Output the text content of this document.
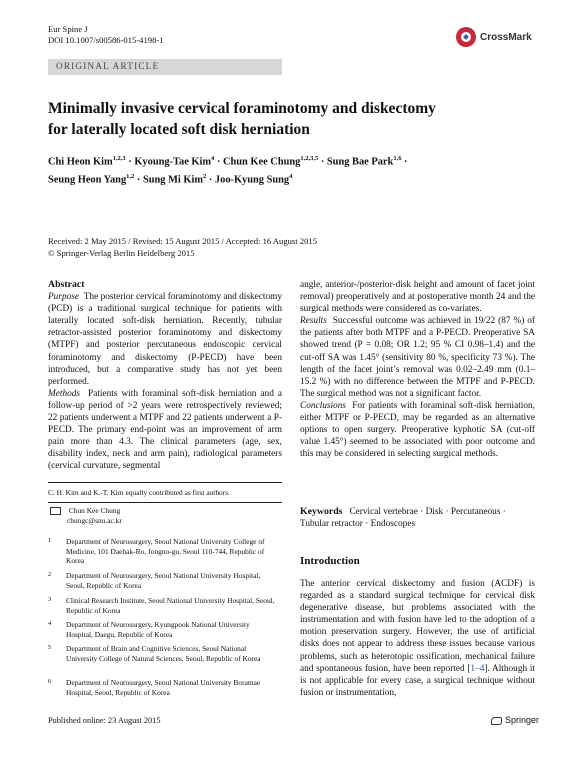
Eur Spine J
DOI 10.1007/s00586-015-4198-1	CrossMark
ORIGINAL ARTICLE
Minimally invasive cervical foraminotomy and diskectomy
for laterally located soft disk herniation
Chi Heon Kim$^{1,2,3}$ · Kyoung-Tae Kim$^4$ · Chun Kee Chung$^{1,2,3,5}$ · Sung Bae Park$^{1,6}$ ·
Seung Heon Yang$^{1,2}$ · Sung Mi Kim$^2$ · Joo-Kyung Sung$^4$
Received: 2 May 2015 / Revised: 15 August 2015 / Accepted: 16 August 2015
© Springer-Verlag Berlin Heidelberg 2015
Abstract

Purpose The posterior cervical foraminotomy and diskectomy (PCD) is a traditional surgical technique for patients with laterally located soft-disk herniation. Recently, tubular retractor-assisted posterior foraminotomy and diskectomy (MTPF) and posterior percutaneous endoscopic cervical foraminotomy and diskectomy (P-PECD) have been introduced, but a comparative study has not yet been performed.

Methods Patients with foraminal soft-disk herniation and a follow-up period of >2 years were retrospectively reviewed; 22 patients underwent a MTPF and 22 patients underwent a P-PECD. The primary end-point was an improvement of arm pain more than 4.3. The clinical parameters (age, sex, disability index, neck and arm pain), radiological parameters (cervical curvature, segmental

C. H. Kim and K.-T. Kim equally contributed as first authors.
Chun Kee Chung
chungc@snu.ac.kr
1 Department of Neurosurgery, Seoul National University College of Medicine, 101 Daehak-Ro, Jongno-gu, Seoul 110-744, Republic of Korea
2 Department of Neurosurgery, Seoul National University Hospital, Seoul, Republic of Korea
3 Clinical Research Institute, Seoul National University Hospital, Seoul, Republic of Korea
4 Department of Neurosurgery, Kyungpook National University Hospital, Daegu, Republic of Korea
5 Department of Brain and Cognitive Sciences, Seoul National University College of Natural Sciences, Seoul, Republic of Korea
6 Department of Neurosurgery, Seoul National University Boramae Hospital, Seoul, Republic of Korea

angle, anterior-/posterior-disk height and amount of facet joint removal) preoperatively and at postoperative month 24 and the surgical methods were considered as co-variates.

Results Successful outcome was achieved in 19/22 (87 %) of the patients after both MTPF and a P-PECD. Preoperative SA showed trend (P = 0.08; OR 1.2; 95 % CI 0.98–1.4) and the cut-off SA was 1.45° (sensitivity 80 %, specificity 73 %). The length of the facet joint’s removal was 0.02–2.49 mm (0.1–15.2 %) with no difference between the MTPF and P-PECD. The surgical method was not a significant factor.

Conclusions For patients with foraminal soft-disk herniation, either MTPF or P-PECD, may be regarded as an alternative options to open surgery. Preoperative kyphotic SA (cut-off value 1.45°) seemed to be associated with poor outcome and this may be considered in selecting surgical methods.

Keywords Cervical vertebrae · Disk · Percutaneous · Tubular retractor · Endoscopes
Introduction
The anterior cervical diskectomy and fusion (ACDF) is regarded as a standard surgical technique for cervical disk degenerative disease, but problems associated with the instrumentation and with fusion have led to the adoption of a motion preservation surgery. However, the use of artificial disks does not appear to address these issues because various problems, such as heterotopic ossification, mechanical failure and spontaneous fusion, have been reported [1–4]. Although it is not applicable for every case, a surgical technique without fusion or instrumentation,
Published online: 23 August 2015	Springer
